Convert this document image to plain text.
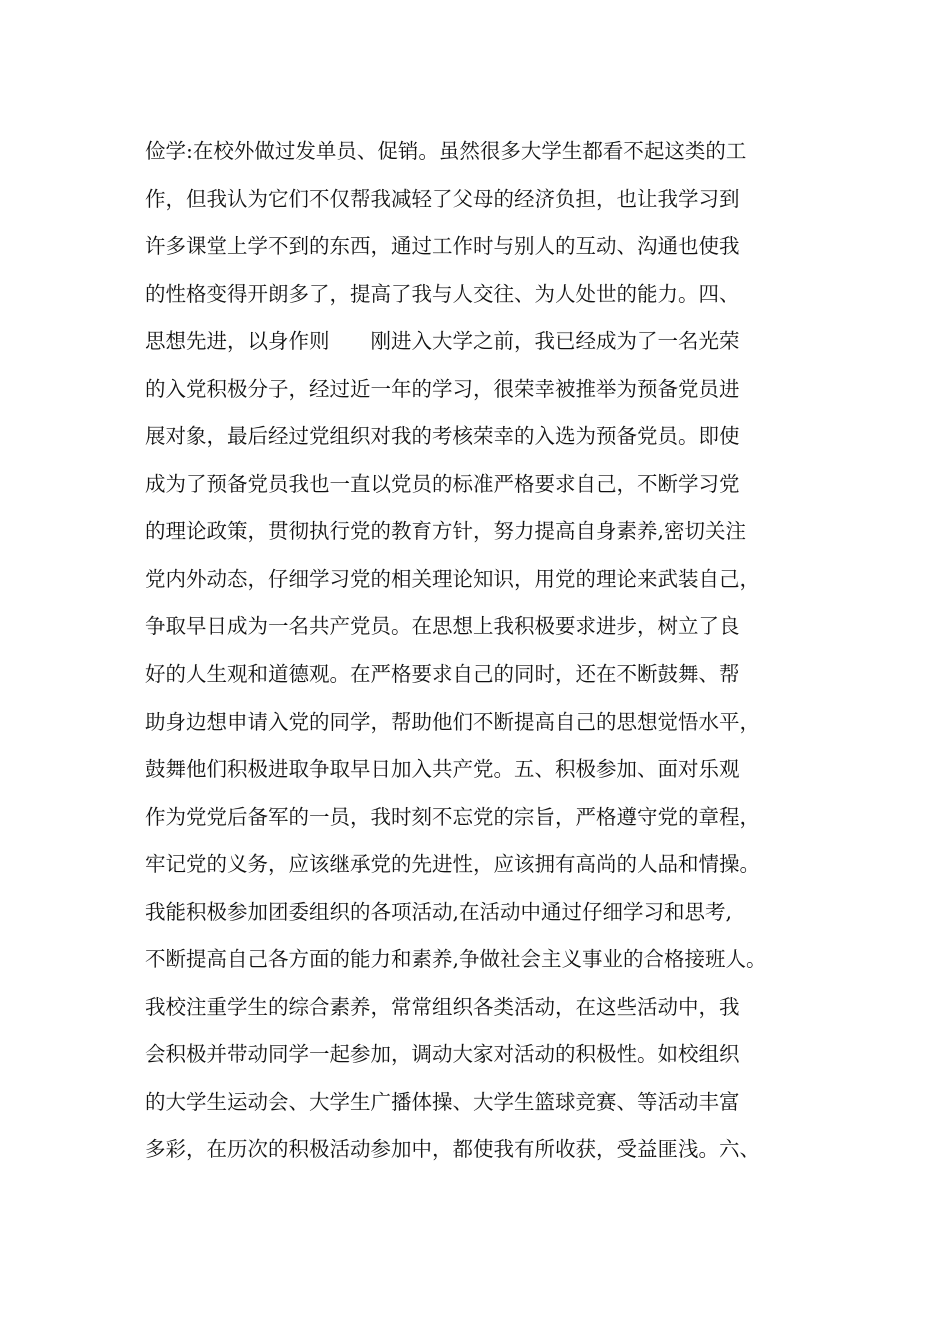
俭学:在校外做过发单员、促销。虽然很多大学生都看不起这类的工
作，但我认为它们不仅帮我减轻了父母的经济负担，也让我学习到
许多课堂上学不到的东西，通过工作时与别人的互动、沟通也使我
的性格变得开朗多了，提高了我与人交往、为人处世的能力。四、
思想先进，以身作则　　刚进入大学之前，我已经成为了一名光荣
的入党积极分子，经过近一年的学习，很荣幸被推举为预备党员进
展对象，最后经过党组织对我的考核荣幸的入选为预备党员。即使
成为了预备党员我也一直以党员的标准严格要求自己，不断学习党
的理论政策，贯彻执行党的教育方针，努力提高自身素养,密切关注
党内外动态，仔细学习党的相关理论知识，用党的理论来武装自己，
争取早日成为一名共产党员。在思想上我积极要求进步，树立了良
好的人生观和道德观。在严格要求自己的同时，还在不断鼓舞、帮
助身边想申请入党的同学，帮助他们不断提高自己的思想觉悟水平，
鼓舞他们积极进取争取早日加入共产党。五、积极参加、面对乐观
作为党党后备军的一员，我时刻不忘党的宗旨，严格遵守党的章程，
牢记党的义务，应该继承党的先进性，应该拥有高尚的人品和情操。
我能积极参加团委组织的各项活动,在活动中通过仔细学习和思考,
不断提高自己各方面的能力和素养,争做社会主义事业的合格接班人。
我校注重学生的综合素养，常常组织各类活动，在这些活动中，我
会积极并带动同学一起参加，调动大家对活动的积极性。如校组织
的大学生运动会、大学生广播体操、大学生篮球竞赛、等活动丰富
多彩，在历次的积极活动参加中，都使我有所收获，受益匪浅。六、
